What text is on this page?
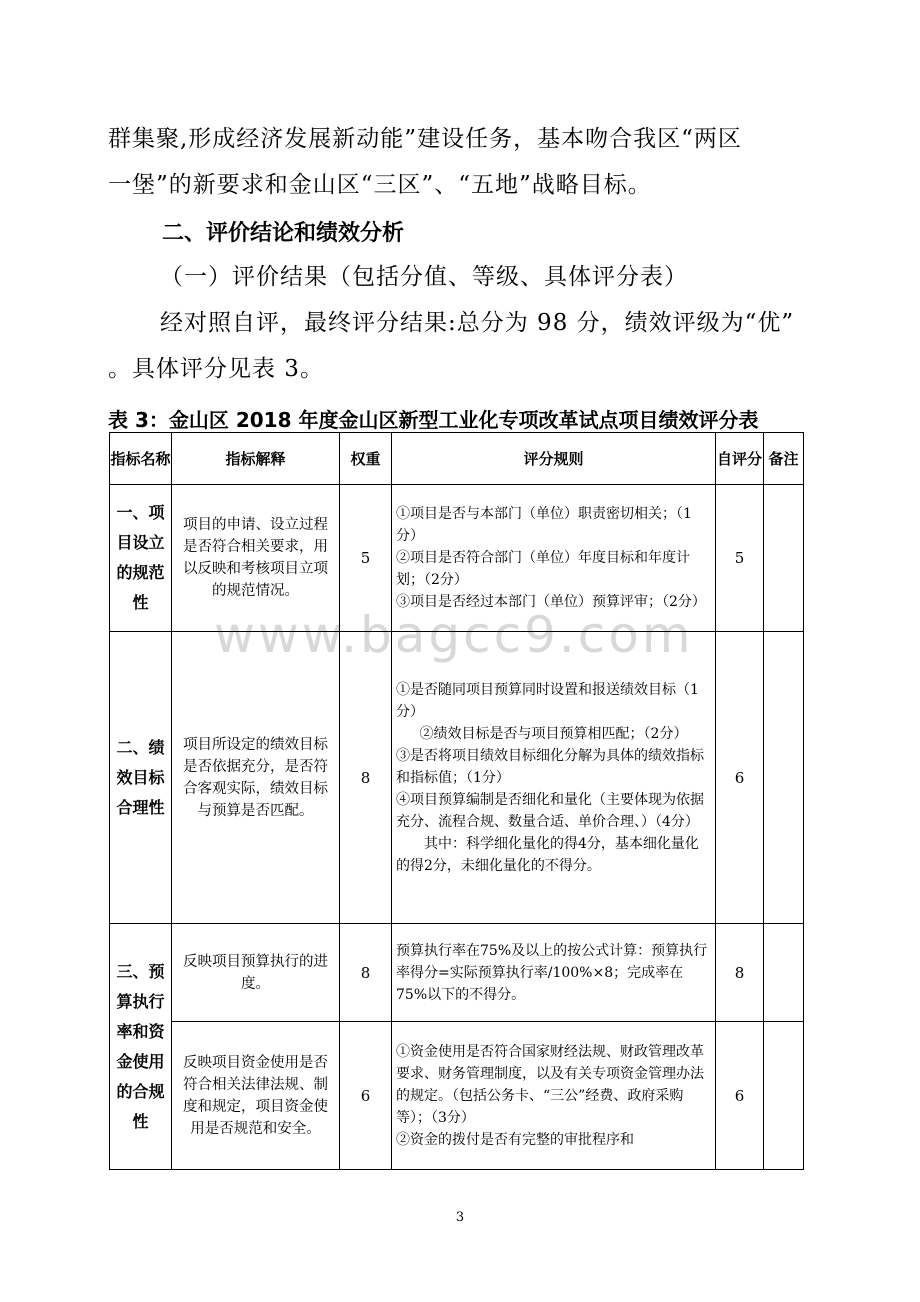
群集聚,形成经济发展新动能”建设任务，基本吻合我区“两区
一堡”的新要求和金山区“三区”、“五地”战略目标。
二、评价结论和绩效分析
（一）评价结果（包括分值、等级、具体评分表）
经对照自评，最终评分结果:总分为 98 分，绩效评级为“优”
。具体评分见表 3。
表 3：金山区 2018 年度金山区新型工业化专项改革试点项目绩效评分表
www.bagcc9.com
指标名称	指标解释	权重	评分规则	自评分	备注
一、项目设立的规范性	项目的申请、设立过程是否符合相关要求，用以反映和考核项目立项的规范情况。	5	①项目是否与本部门（单位）职责密切相关；（1分）
②项目是否符合部门（单位）年度目标和年度计划；（2分）
③项目是否经过本部门（单位）预算评审；（2分）	5	
二、绩效目标合理性	项目所设定的绩效目标是否依据充分，是否符合客观实际，绩效目标与预算是否匹配。	8	①是否随同项目预算同时设置和报送绩效目标（1分）
②绩效目标是否与项目预算相匹配；（2分）
③是否将项目绩效目标细化分解为具体的绩效指标和指标值；（1分）
④项目预算编制是否细化和量化（主要体现为依据充分、流程合规、数量合适、单价合理、）（4分）
其中：科学细化量化的得4分，基本细化量化的得2分，未细化量化的不得分。	6	
三、预算执行率和资金使用的合规性	反映项目预算执行的进度。	8	预算执行率在75%及以上的按公式计算：预算执行率得分=实际预算执行率/100%×8；完成率在75%以下的不得分。	8	
	反映项目资金使用是否符合相关法律法规、制度和规定，项目资金使用是否规范和安全。	6	①资金使用是否符合国家财经法规、财政管理改革要求、财务管理制度，以及有关专项资金管理办法的规定。（包括公务卡、“三公”经费、政府采购等）；（3分）
②资金的拨付是否有完整的审批程序和	6	
3
